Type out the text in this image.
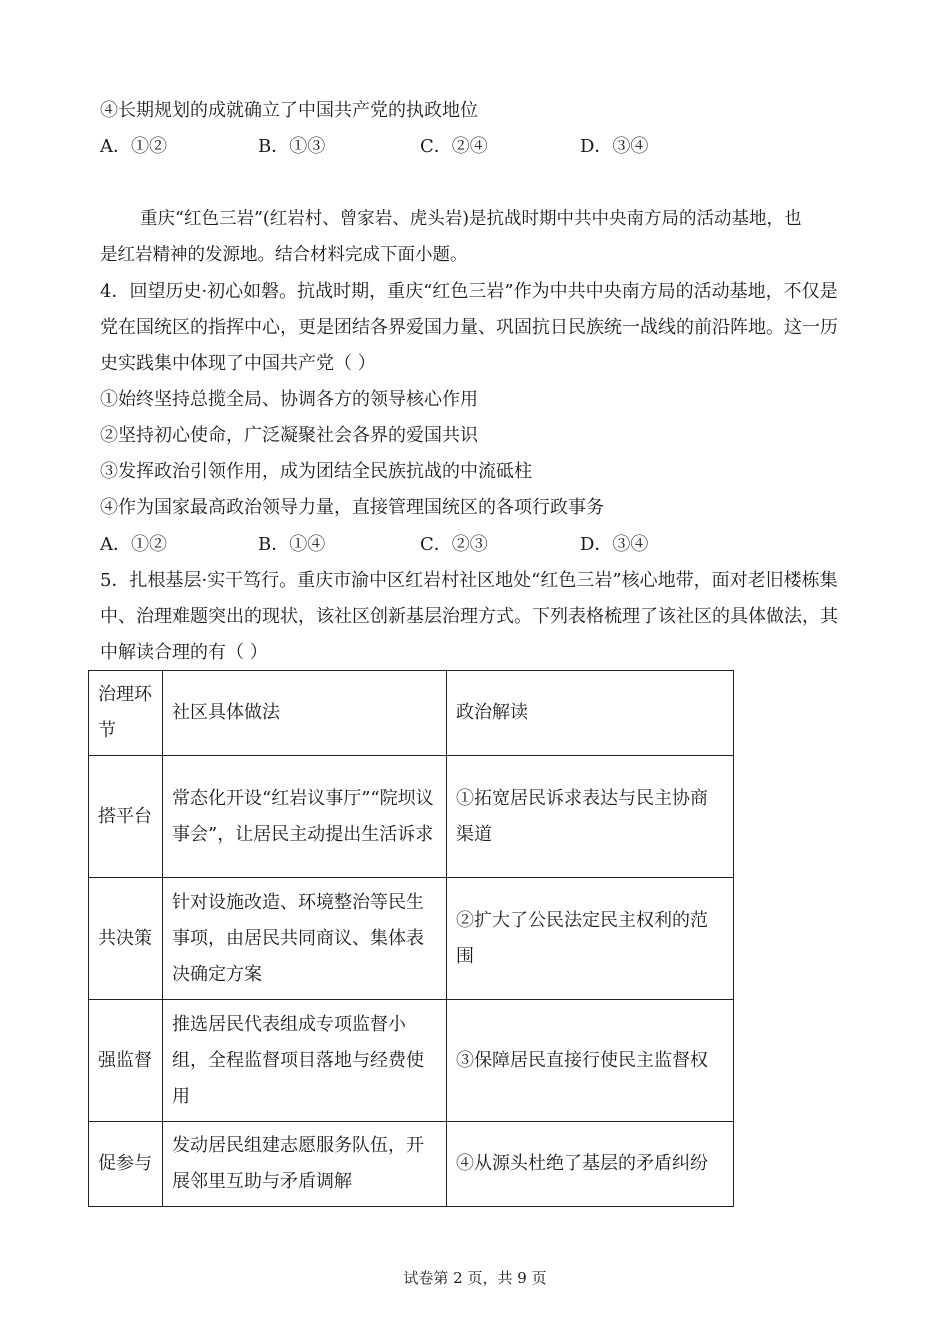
④长期规划的成就确立了中国共产党的执政地位
A．①②	B．①③	C．②④	D．③④
重庆“红色三岩”(红岩村、曾家岩、虎头岩)是抗战时期中共中央南方局的活动基地，也
是红岩精神的发源地。结合材料完成下面小题。
4．回望历史·初心如磐。抗战时期，重庆“红色三岩”作为中共中央南方局的活动基地，不仅是
党在国统区的指挥中心，更是团结各界爱国力量、巩固抗日民族统一战线的前沿阵地。这一历
史实践集中体现了中国共产党（ ）
①始终坚持总揽全局、协调各方的领导核心作用
②坚持初心使命，广泛凝聚社会各界的爱国共识
③发挥政治引领作用，成为团结全民族抗战的中流砥柱
④作为国家最高政治领导力量，直接管理国统区的各项行政事务
A．①②	B．①④	C．②③	D．③④
5．扎根基层·实干笃行。重庆市渝中区红岩村社区地处“红色三岩”核心地带，面对老旧楼栋集
中、治理难题突出的现状，该社区创新基层治理方式。下列表格梳理了该社区的具体做法，其
中解读合理的有（ ）
治理环节	社区具体做法	政治解读
搭平台	常态化开设“红岩议事厅”“院坝议事会”，让居民主动提出生活诉求	①拓宽居民诉求表达与民主协商渠道
共决策	针对设施改造、环境整治等民生事项，由居民共同商议、集体表决确定方案	②扩大了公民法定民主权利的范围
强监督	推选居民代表组成专项监督小组，全程监督项目落地与经费使用	③保障居民直接行使民主监督权
促参与	发动居民组建志愿服务队伍，开展邻里互助与矛盾调解	④从源头杜绝了基层的矛盾纠纷
试卷第 2 页，共 9 页
